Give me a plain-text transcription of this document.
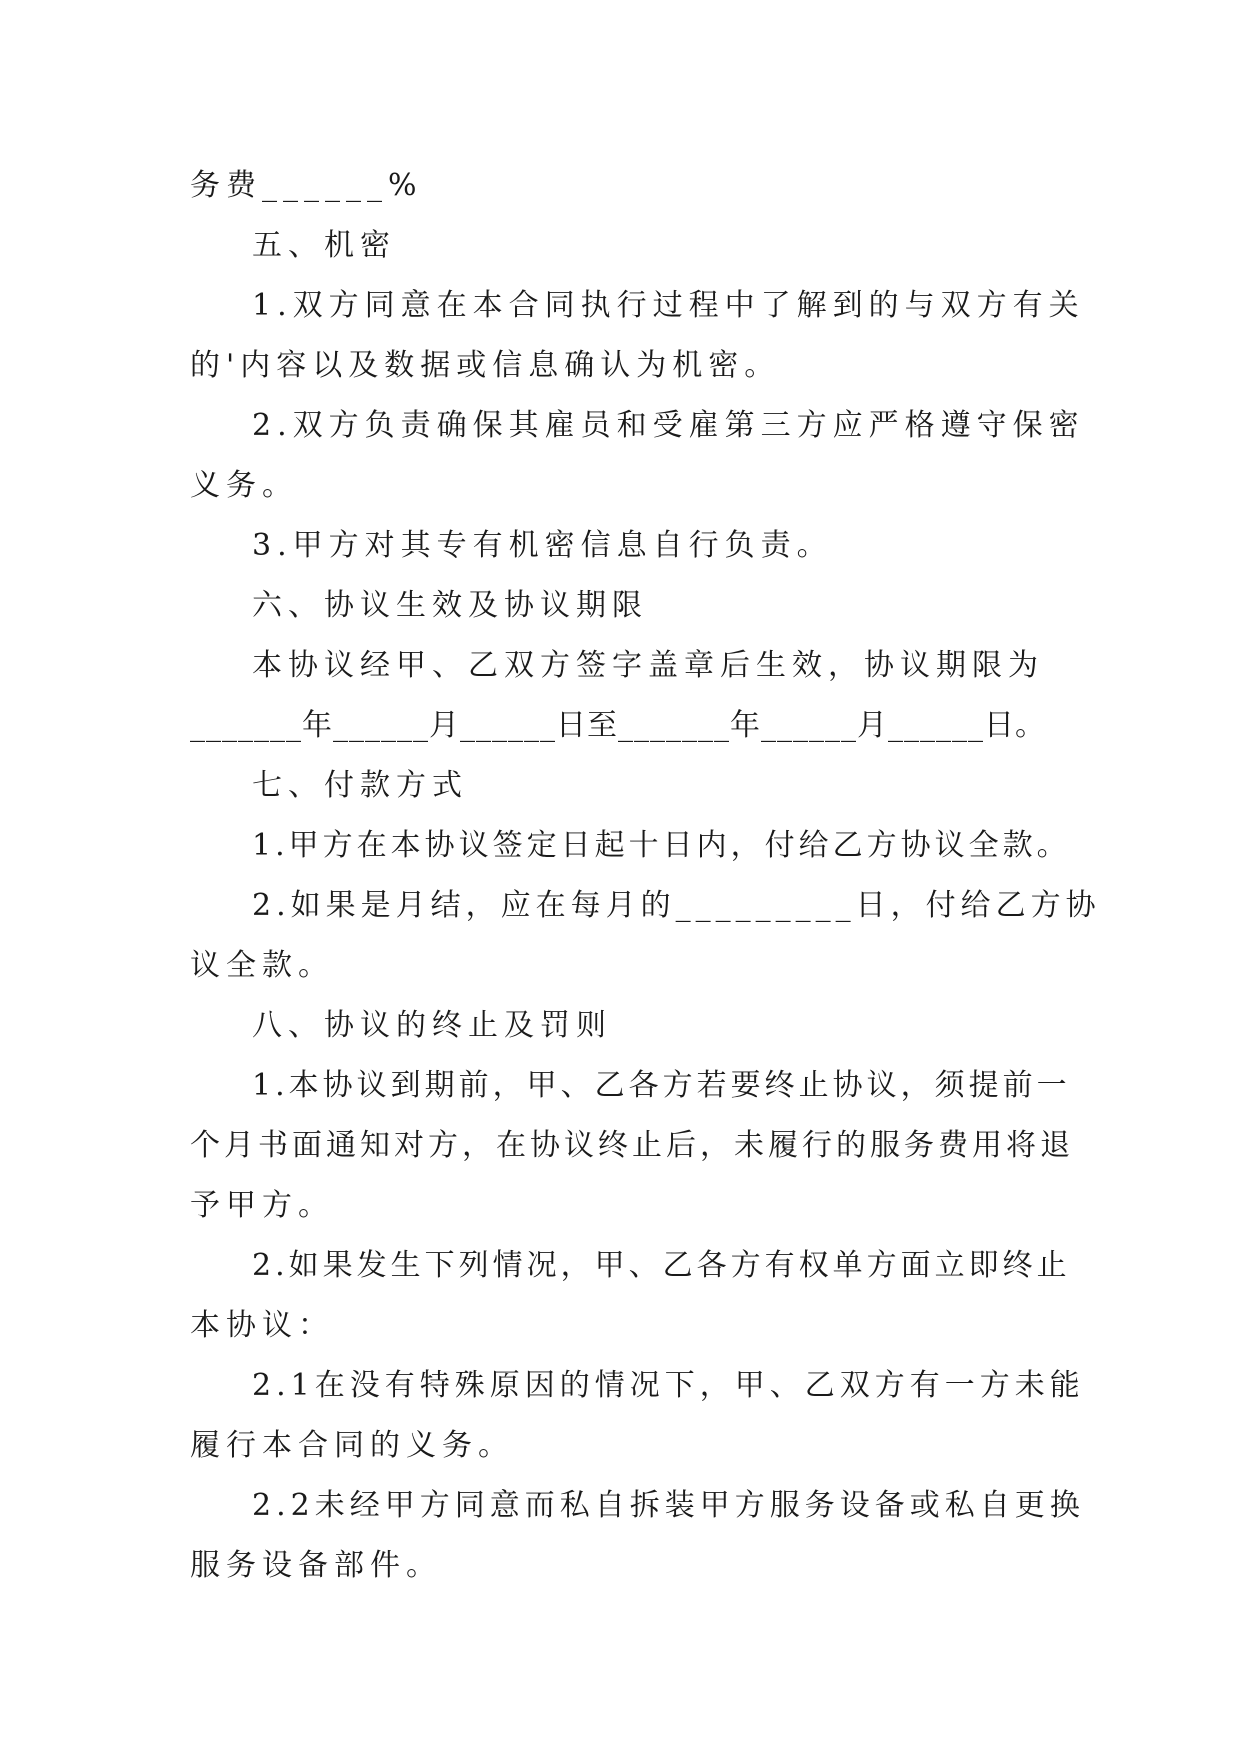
务费______%
五、机密
1.双方同意在本合同执行过程中了解到的与双方有关
的'内容以及数据或信息确认为机密。
2.双方负责确保其雇员和受雇第三方应严格遵守保密
义务。
3.甲方对其专有机密信息自行负责。
六、协议生效及协议期限
本协议经甲、乙双方签字盖章后生效，协议期限为
_______年______月______日至_______年______月______日。
七、付款方式
1.甲方在本协议签定日起十日内，付给乙方协议全款。
2.如果是月结，应在每月的_________日，付给乙方协
议全款。
八、协议的终止及罚则
1.本协议到期前，甲、乙各方若要终止协议，须提前一
个月书面通知对方，在协议终止后，未履行的服务费用将退
予甲方。
2.如果发生下列情况，甲、乙各方有权单方面立即终止
本协议：
2.1在没有特殊原因的情况下，甲、乙双方有一方未能
履行本合同的义务。
2.2未经甲方同意而私自拆装甲方服务设备或私自更换
服务设备部件。
